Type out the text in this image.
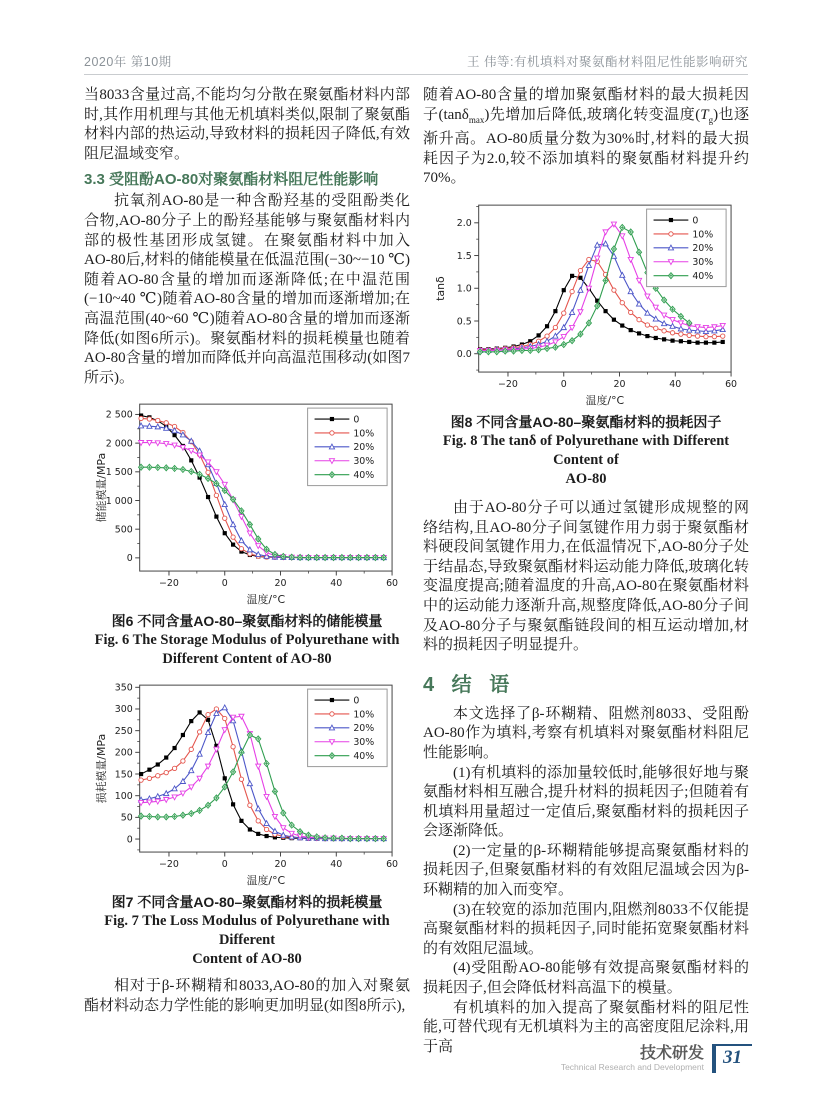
2020年 第10期	王 伟等:有机填料对聚氨酯材料阻尼性能影响研究

当8033含量过高,不能均匀分散在聚氨酯材料内部时,其作用机理与其他无机填料类似,限制了聚氨酯材料内部的热运动,导致材料的损耗因子降低,有效阻尼温域变窄。

3.3 受阻酚AO-80对聚氨酯材料阻尼性能影响

抗氧剂AO-80是一种含酚羟基的受阻酚类化合物,AO-80分子上的酚羟基能够与聚氨酯材料内部的极性基团形成氢键。在聚氨酯材料中加入AO-80后,材料的储能模量在低温范围(−30~−10 ℃)随着AO-80含量的增加而逐渐降低;在中温范围(−10~40 ℃)随着AO-80含量的增加而逐渐增加;在高温范围(40~60 ℃)随着AO-80含量的增加而逐渐降低(如图6所示)。聚氨酯材料的损耗模量也随着AO-80含量的增加而降低并向高温范围移动(如图7所示)。

−20	0	20	40	60
0
500
1 000
1 500
2 000
2 500
温度/°C
储能模量/MPa
0
10%
20%
30%
40%
图6 不同含量AO-80–聚氨酯材料的储能模量
Fig. 6 The Storage Modulus of Polyurethane with
Different Content of AO-80
−20	0	20	40	60
0
50
100
150
200
250
300
350
温度/°C
损耗模量/MPa
0
10%
20%
30%
40%
图7 不同含量AO-80–聚氨酯材料的损耗模量
Fig. 7 The Loss Modulus of Polyurethane with Different
Content of AO-80

相对于β-环糊精和8033,AO-80的加入对聚氨酯材料动态力学性能的影响更加明显(如图8所示),

随着AO-80含量的增加聚氨酯材料的最大损耗因子(tanδ$_{max}$)先增加后降低,玻璃化转变温度$(T_g)$也逐渐升高。AO-80质量分数为30%时,材料的最大损耗因子为2.0,较不添加填料的聚氨酯材料提升约70%。

−20	0	20	40	60
0.0
0.5
1.0
1.5
2.0
温度/°C
tanδ
0
10%
20%
30%
40%
图8 不同含量AO-80–聚氨酯材料的损耗因子
Fig. 8 The tanδ of Polyurethane with Different Content of
AO-80

由于AO-80分子可以通过氢键形成规整的网络结构,且AO-80分子间氢键作用力弱于聚氨酯材料硬段间氢键作用力,在低温情况下,AO-80分子处于结晶态,导致聚氨酯材料运动能力降低,玻璃化转变温度提高;随着温度的升高,AO-80在聚氨酯材料中的运动能力逐渐升高,规整度降低,AO-80分子间及AO-80分子与聚氨酯链段间的相互运动增加,材料的损耗因子明显提升。

4 结 语

本文选择了β-环糊精、阻燃剂8033、受阻酚AO-80作为填料,考察有机填料对聚氨酯材料阻尼性能影响。

(1)有机填料的添加量较低时,能够很好地与聚氨酯材料相互融合,提升材料的损耗因子;但随着有机填料用量超过一定值后,聚氨酯材料的损耗因子会逐渐降低。

(2)一定量的β-环糊精能够提高聚氨酯材料的损耗因子,但聚氨酯材料的有效阻尼温域会因为β-环糊精的加入而变窄。

(3)在较宽的添加范围内,阻燃剂8033不仅能提高聚氨酯材料的损耗因子,同时能拓宽聚氨酯材料的有效阻尼温域。

(4)受阻酚AO-80能够有效提高聚氨酯材料的损耗因子,但会降低材料高温下的模量。

有机填料的加入提高了聚氨酯材料的阻尼性能,可替代现有无机填料为主的高密度阻尼涂料,用于高	技术研发
Technical Research and Development	31
